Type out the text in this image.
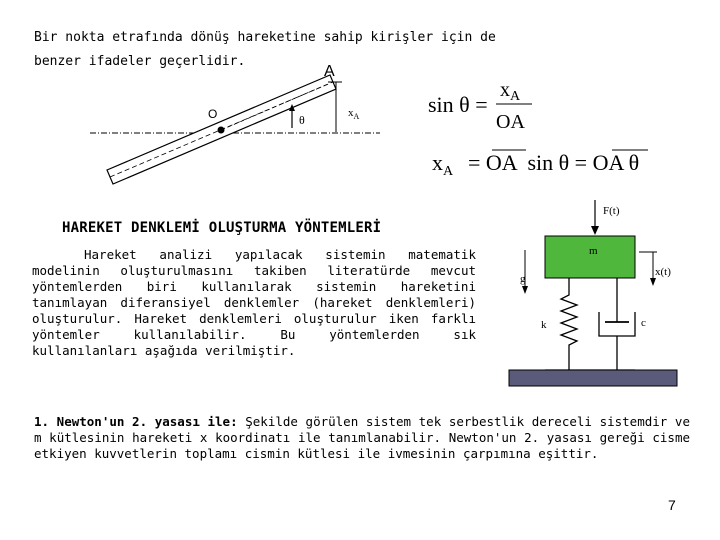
Bir nokta etrafında dönüş hareketine sahip kirişler için de
benzer ifadeler geçerlidir.
A
O	θ	$x_A$	sin θ =
$x_A$
OA
$x_A$ = OA  sin θ = OA θ
HAREKET DENKLEMİ OLUŞTURMA YÖNTEMLERİ
Hareket analizi yapılacak sistemin matematik modelinin oluşturulmasını takiben literatürde mevcut yöntemlerden biri kullanılarak sistemin hareketini tanımlayan diferansiyel denklemler (hareket denklemleri) oluşturulur. Hareket denklemleri oluşturulur iken farklı yöntemler kullanılabilir. Bu yöntemlerden sık kullanılanları aşağıda verilmiştir.
F(t)
m
g
x(t)
k	c
1. Newton'un 2. yasası ile: Şekilde görülen sistem tek serbestlik dereceli sistemdir ve m kütlesinin hareketi x koordinatı ile tanımlanabilir. Newton'un 2. yasası gereği cisme etkiyen kuvvetlerin toplamı cismin kütlesi ile ivmesinin çarpımına eşittir.
7
